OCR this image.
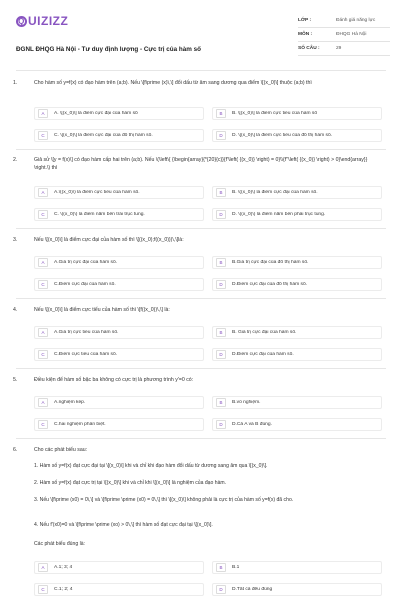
Q UIZIZZ
ĐGNL ĐHQG Hà Nội - Tư duy định lượng - Cực trị của hàm số
LỚP :	Đánh giá năng lực
MÔN :	ĐHQG Hà Nội
SỐ CÂU :	29
1.	Cho hàm số y=f(x) có đạo hàm trên (a;b). Nếu \[f\prime (x)\,\] đổi dấu từ âm sang dương qua điểm \[(x_0)\] thuộc (a;b) thì
A	A. \[(x_0)\] là điểm cực đại của hàm số	B	B. \[(x_0)\] là điểm cực tiểu của hàm số
C	C. \[(x_0)\] là điểm cực đại của đồ thị hàm số.	D	D. \[(x_0)\] là điểm cực tiểu của đồ thị hàm số.
2.	Giả sử \[y = f(x)\] có đạo hàm cấp hai trên (a;b). Nếu \(\left\{ {\begin{array}{*{20}{c}}{f'\left( {(x_0)} \right) = 0}\\{f''\left( {(x_0)} \right) > 0}\end{array}} \right.\) thì
A	A.\((x_0)\) là điểm cực tiểu của hàm số.	B	B. \((x_0)\) là điểm cực đại của hàm số.
C	C. \((x_0)\) là điểm nằm bên trái trục tung.	D	D. \((x_0)\) là điểm nằm bên phải trục tung.
3.	Nếu \[(x_0)\] là điểm cực đại của hàm số thì \[((x_0);f((x_0)))\,\]là:
A	A.Giá trị cực đại của hàm số.	B	B.Giá trị cực đại của đồ thị hàm số.
C	C.Điểm cực đại của hàm số.	D	D.Điểm cực đại của đồ thị hàm số.
4.	Nếu \[(x_0)\] là điểm cực tiểu của hàm số thì \[f((x_0))\,\] là:
A	A.Giá trị cực tiểu của hàm số.	B	B. Giá trị cực đại của hàm số.
C	C.Điểm cực tiểu của hàm số.	D	D.Điểm cực đại của hàm số.
5.	Điều kiện để hàm số bậc ba không có cực trị là phương trình y'=0 có:
A	A.nghiệm kép.	B	B.vô nghiệm.
C	C.hai nghiệm phân biệt.	D	D.Cả A và B đúng.
6.	Cho các phát biểu sau:
1. Hàm số y=f(x) đạt cực đại tại \[(x_0)\] khi và chỉ khi đạo hàm đổi dấu từ dương sang âm qua \[(x_0)\].
2. Hàm số y=f(x) đạt cực trị tại \[(x_0)\] khi và chỉ khi \[(x_0)\] là nghiệm của đạo hàm.
3. Nếu \[f\prime (x0) = 0\,\] và \[f\prime \prime (x0) = 0\,\] thì \[(x_0)\] không phải là cực trị của hàm số y=f(x) đã cho.
4. Nếu f'(x0)=0 và \[f\prime \prime (xo) > 0\,\] thì hàm số đạt cực đại tại \[(x_0)\].
Các phát biểu đúng là:
A	A.1; 3; 4	B	B.1
C	C.1; 2; 4	D	D.Tất cả đều đúng
